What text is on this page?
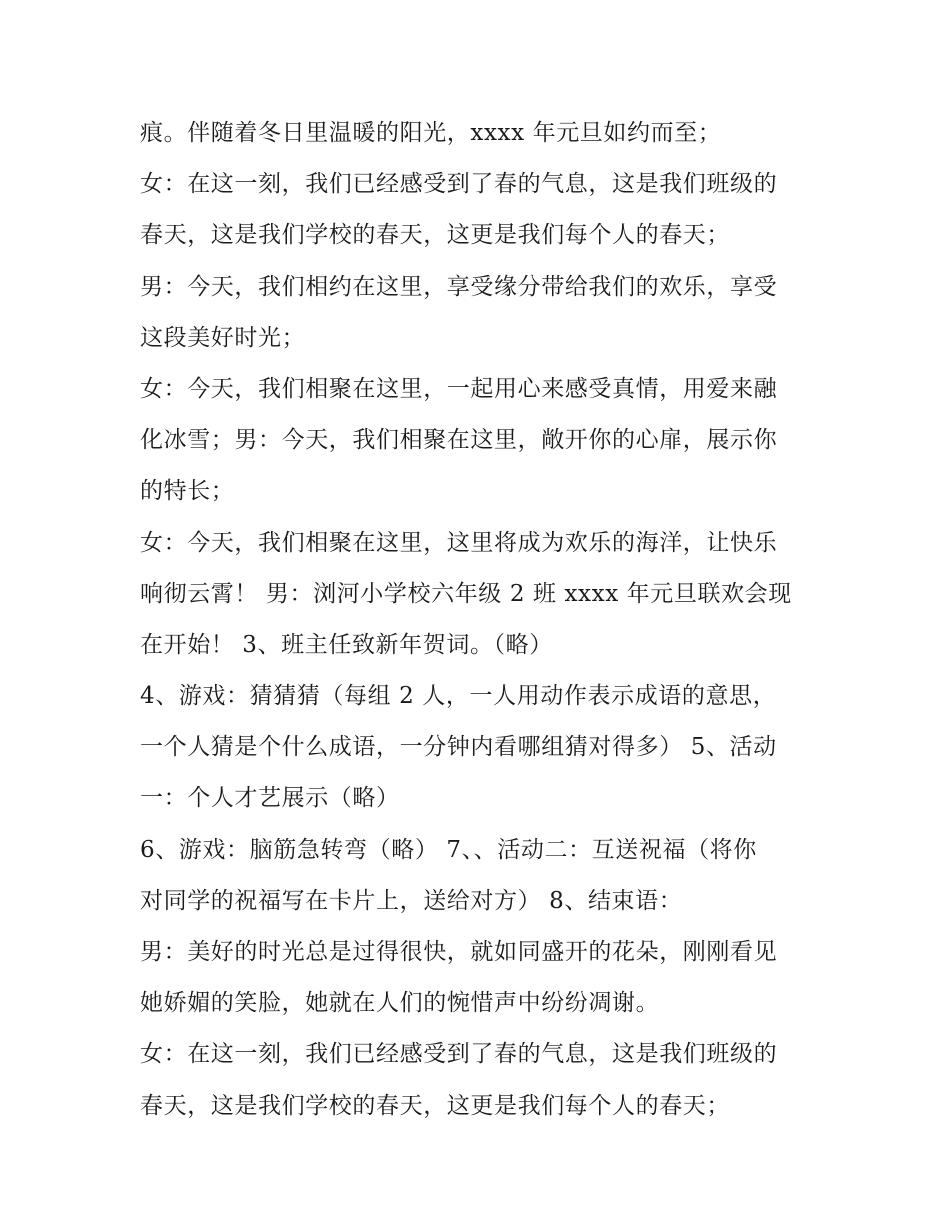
痕。伴随着冬日里温暖的阳光，xxxx 年元旦如约而至；
女：在这一刻，我们已经感受到了春的气息，这是我们班级的
春天，这是我们学校的春天，这更是我们每个人的春天；
男：今天，我们相约在这里，享受缘分带给我们的欢乐，享受
这段美好时光；
女：今天，我们相聚在这里，一起用心来感受真情，用爱来融
化冰雪；男：今天，我们相聚在这里，敞开你的心扉，展示你
的特长；
女：今天，我们相聚在这里，这里将成为欢乐的海洋，让快乐
响彻云霄！ 男：浏河小学校六年级 2 班 xxxx 年元旦联欢会现
在开始！ 3、班主任致新年贺词。（略）
4、游戏：猜猜猜（每组 2 人，一人用动作表示成语的意思，
一个人猜是个什么成语，一分钟内看哪组猜对得多） 5、活动
一：个人才艺展示（略）
6、游戏：脑筋急转弯（略） 7、、活动二：互送祝福（将你
对同学的祝福写在卡片上，送给对方） 8、结束语：
男：美好的时光总是过得很快，就如同盛开的花朵，刚刚看见
她娇媚的笑脸，她就在人们的惋惜声中纷纷凋谢。
女：在这一刻，我们已经感受到了春的气息，这是我们班级的
春天，这是我们学校的春天，这更是我们每个人的春天；
